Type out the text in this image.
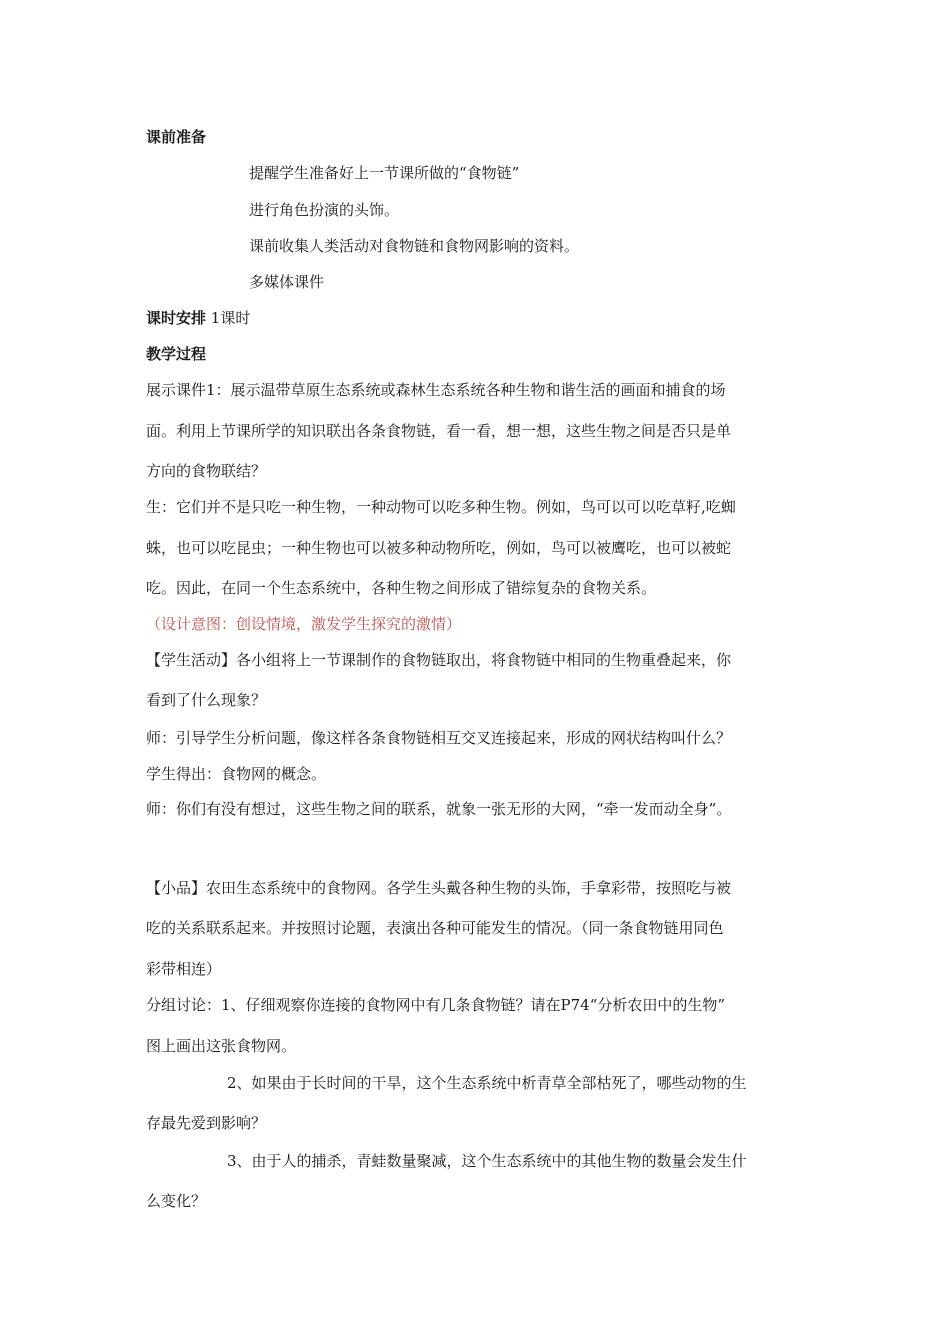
课前准备
提醒学生准备好上一节课所做的“食物链”
进行角色扮演的头饰。
课前收集人类活动对食物链和食物网影响的资料。
多媒体课件
课时安排 1课时
教学过程
展示课件1：展示温带草原生态系统或森林生态系统各种生物和谐生活的画面和捕食的场
面。利用上节课所学的知识联出各条食物链，看一看，想一想，这些生物之间是否只是单
方向的食物联结？
生：它们并不是只吃一种生物，一种动物可以吃多种生物。例如，鸟可以可以吃草籽,吃蜘
蛛，也可以吃昆虫；一种生物也可以被多种动物所吃，例如，鸟可以被鹰吃，也可以被蛇
吃。因此，在同一个生态系统中，各种生物之间形成了错综复杂的食物关系。
（设计意图：创设情境，激发学生探究的激情）
【学生活动】各小组将上一节课制作的食物链取出，将食物链中相同的生物重叠起来，你
看到了什么现象？
师：引导学生分析问题，像这样各条食物链相互交叉连接起来，形成的网状结构叫什么？
学生得出：食物网的概念。
师：你们有没有想过，这些生物之间的联系，就象一张无形的大网，“牵一发而动全身”。
【小品】农田生态系统中的食物网。各学生头戴各种生物的头饰，手拿彩带，按照吃与被
吃的关系联系起来。并按照讨论题，表演出各种可能发生的情况。（同一条食物链用同色
彩带相连）
分组讨论：1、仔细观察你连接的食物网中有几条食物链？请在P74“分析农田中的生物”
图上画出这张食物网。
2、如果由于长时间的干旱，这个生态系统中析青草全部枯死了，哪些动物的生
存最先爱到影响？
3、由于人的捕杀，青蛙数量聚减，这个生态系统中的其他生物的数量会发生什
么变化？
